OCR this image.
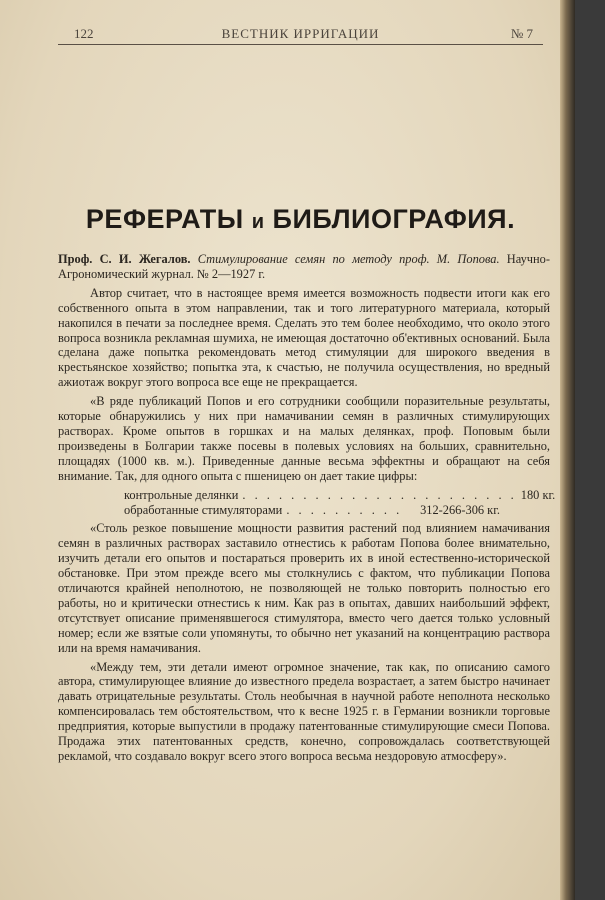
122	ВЕСТНИК ИРРИГАЦИИ	№ 7
РЕФЕРАТЫ и БИБЛИОГРАФИЯ.

Проф. С. И. Жегалов. Стимулирование семян по методу проф. М. Попова. Научно-Агрономический журнал. № 2—1927 г.

Автор считает, что в настоящее время имеется возможность подвести итоги как его собственного опыта в этом направлении, так и того литературного материала, который накопился в печати за последнее время. Сделать это тем более необходимо, что около этого вопроса возникла рекламная шумиха, не имеющая достаточно об'ективных оснований. Была сделана даже попытка рекомендовать метод стимуляции для широкого введения в крестьянское хозяйство; попытка эта, к счастью, не получила осуществления, но вредный ажиотаж вокруг этого вопроса все еще не прекращается.

«В ряде публикаций Попов и его сотрудники сообщили поразительные результаты, которые обнаружились у них при намачивании семян в различных стимулирующих растворах. Кроме опытов в горшках и на малых делянках, проф. Поповым были произведены в Болгарии также посевы в полевых условиях на больших, сравнительно, площадях (1000 кв. м.). Приведенные данные весьма эффектны и обращают на себя внимание. Так, для одного опыта с пшеницею он дает такие цифры:

контрольные делянки . . . . . . . . . . . . . . . . . . . . . . . 180 кг.
обработанные стимуляторами . . . . . . . . . .	312-266-306 кг.

«Столь резкое повышение мощности развития растений под влиянием намачивания семян в различных растворах заставило отнестись к работам Попова более внимательно, изучить детали его опытов и постараться проверить их в иной естественно-исторической обстановке. При этом прежде всего мы столкнулись с фактом, что публикации Попова отличаются крайней неполнотою, не позволяющей не только повторить полностью его работы, но и критически отнестись к ним. Как раз в опытах, давших наибольший эффект, отсутствует описание применявшегося стимулятора, вместо чего дается только условный номер; если же взятые соли упомянуты, то обычно нет указаний на концентрацию раствора или на время намачивания.

«Между тем, эти детали имеют огромное значение, так как, по описанию самого автора, стимулирующее влияние до известного предела возрастает, а затем быстро начинает давать отрицательные результаты. Столь необычная в научной работе неполнота несколько компенсировалась тем обстоятельством, что к весне 1925 г. в Германии возникли торговые предприятия, которые выпустили в продажу патентованные стимулирующие смеси Попова. Продажа этих патентованных средств, конечно, сопровождалась соответствующей рекламой, что создавало вокруг всего этого вопроса весьма нездоровую атмосферу».
